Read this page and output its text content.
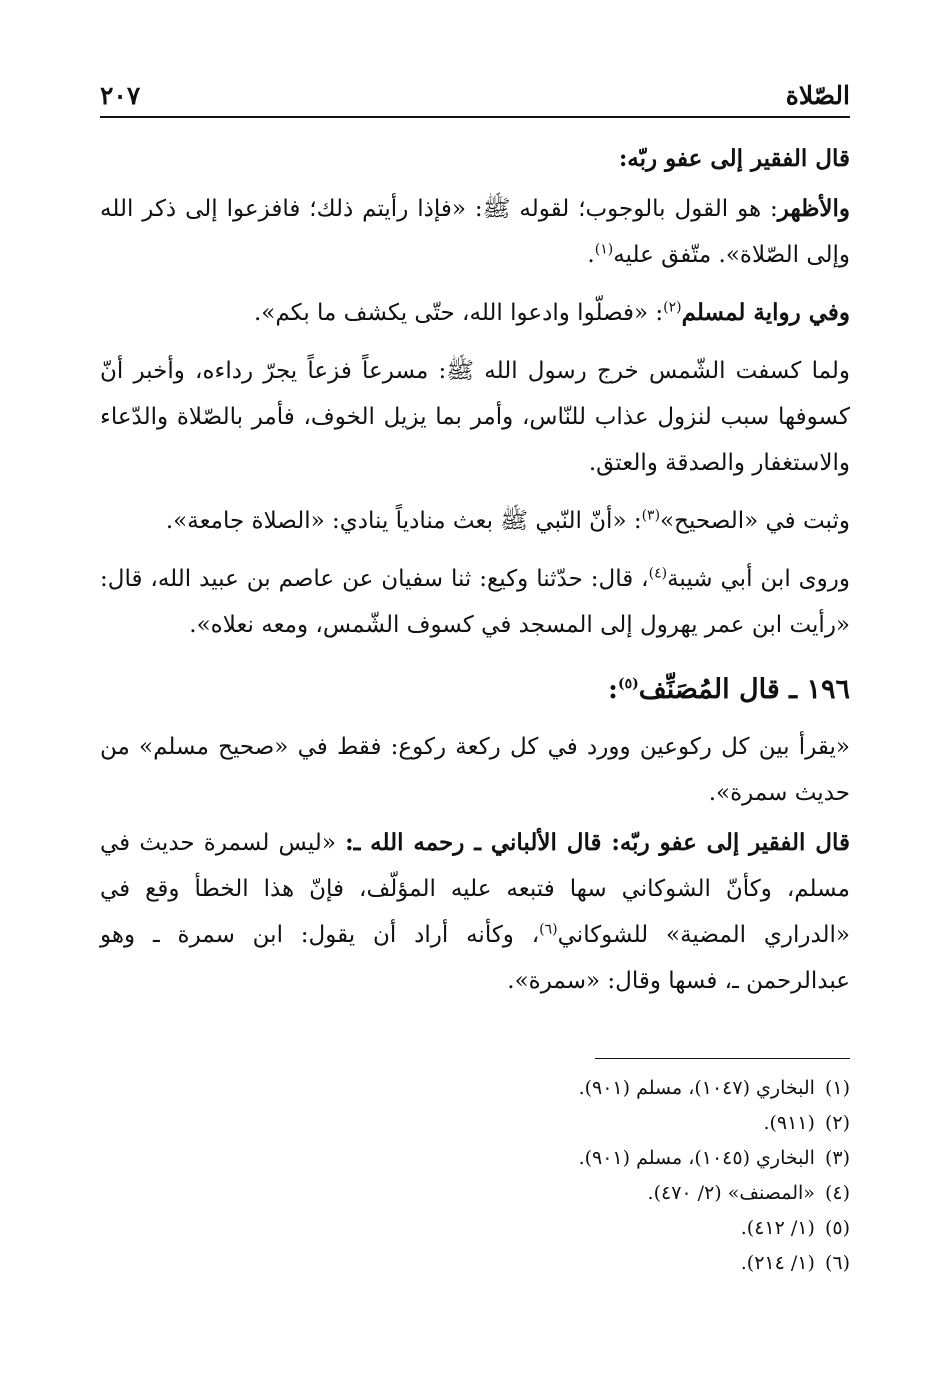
الصّلاة
٢٠٧

قال الفقير إلى عفو ربّه:

والأظهر: هو القول بالوجوب؛ لقوله ﷺ: «فإذا رأيتم ذلك؛ فافزعوا إلى ذكر الله وإلى الصّلاة». متّفق عليه$^{(١)}$.

وفي رواية لمسلم$^{(٢)}$: «فصلّوا وادعوا الله، حتّى يكشف ما بكم».

ولما كسفت الشّمس خرج رسول الله ﷺ: مسرعاً فزعاً يجرّ رداءه، وأخبر أنّ كسوفها سبب لنزول عذاب للنّاس، وأمر بما يزيل الخوف، فأمر بالصّلاة والدّعاء والاستغفار والصدقة والعتق.

وثبت في «الصحيح»$^{(٣)}$: «أنّ النّبي ﷺ بعث منادياً ينادي: «الصلاة جامعة».

وروى ابن أبي شيبة$^{(٤)}$، قال: حدّثنا وكيع: ثنا سفيان عن عاصم بن عبيد الله، قال: «رأيت ابن عمر يهرول إلى المسجد في كسوف الشّمس، ومعه نعلاه».

١٩٦ ـ قال المُصَنِّف$^{(٥)}$:

«يقرأ بين كل ركوعين وورد في كل ركعة ركوع: فقط في «صحيح مسلم» من حديث سمرة».

قال الفقير إلى عفو ربّه: قال الألباني ـ رحمه الله ـ: «ليس لسمرة حديث في مسلم، وكأنّ الشوكاني سها فتبعه عليه المؤلّف، فإنّ هذا الخطأ وقع في «الدراري المضية» للشوكاني$^{(٦)}$، وكأنه أراد أن يقول: ابن سمرة ـ وهو عبدالرحمن ـ، فسها وقال: «سمرة».

(١)
البخاري (١٠٤٧)، مسلم (٩٠١).
(٢)
(٩١١).
(٣)
البخاري (١٠٤٥)، مسلم (٩٠١).
(٤)
«المصنف» (٢/ ٤٧٠).
(٥)
(١/ ٤١٢).
(٦)
(١/ ٢١٤).
